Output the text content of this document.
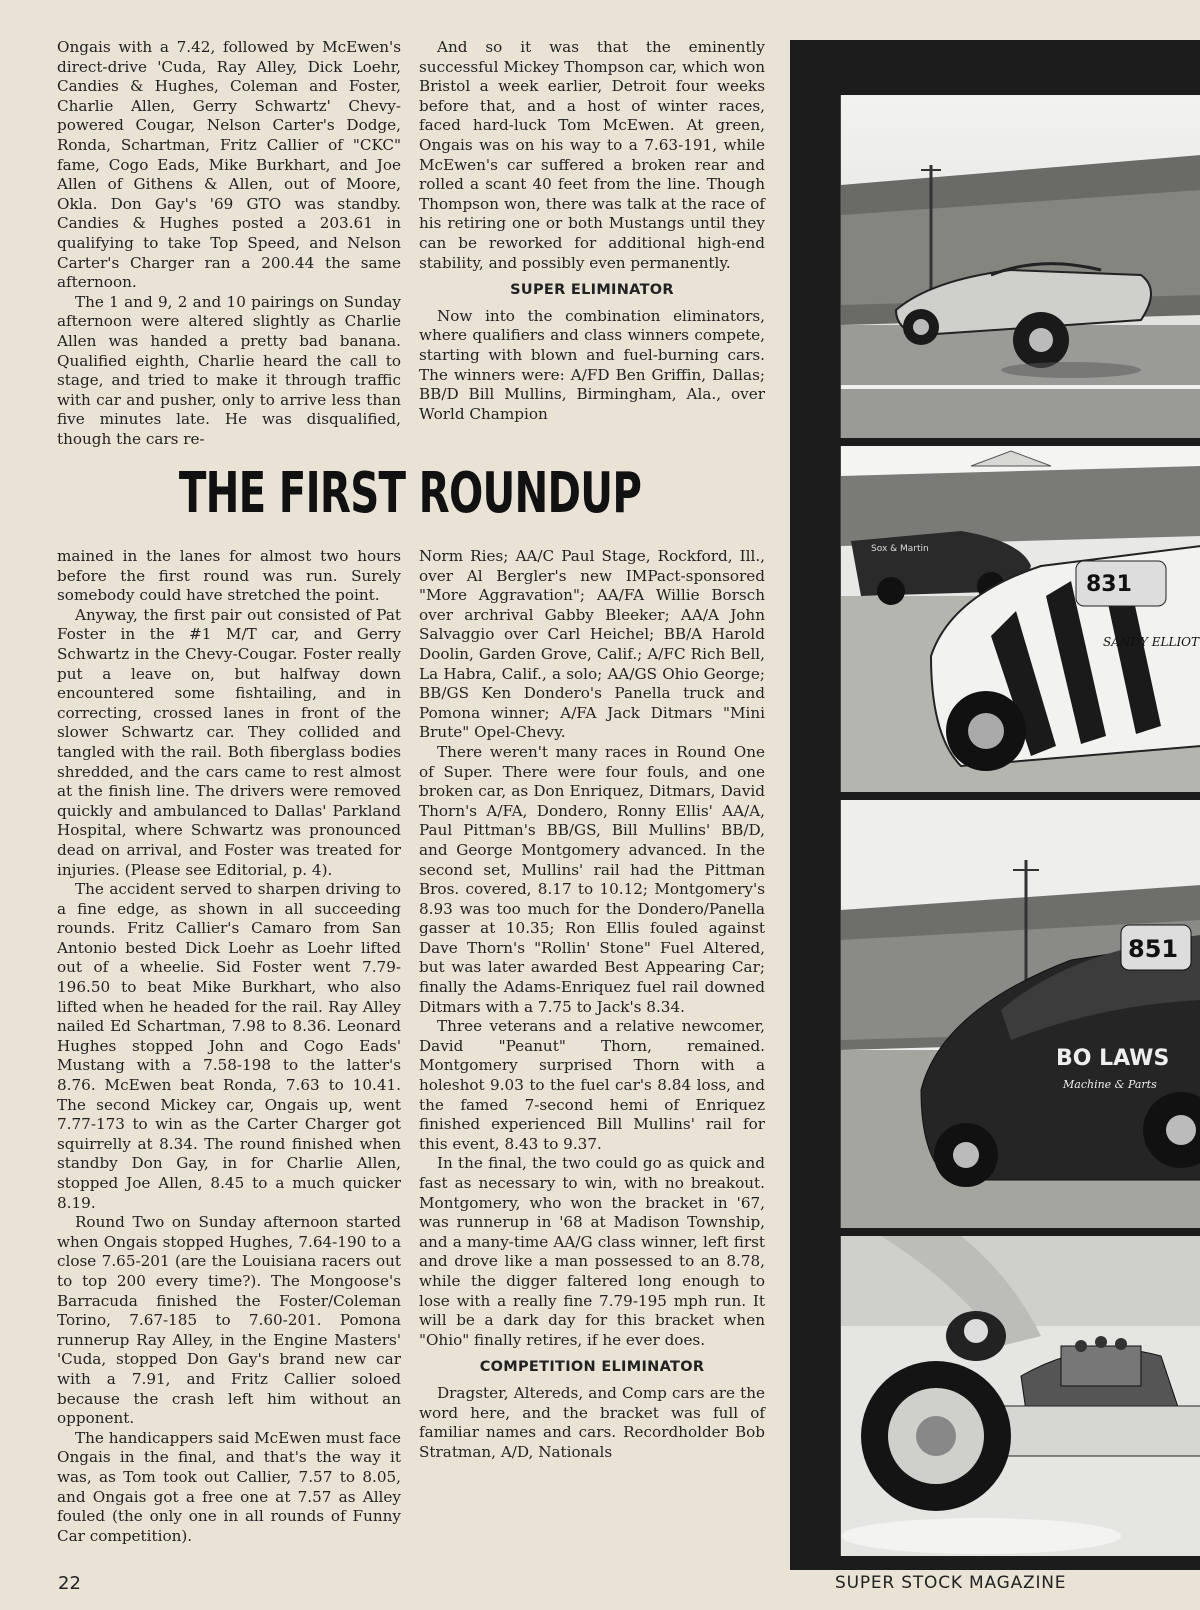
Ongais with a 7.42, followed by McEwen's direct-drive 'Cuda, Ray Alley, Dick Loehr, Candies & Hughes, Coleman and Foster, Charlie Allen, Gerry Schwartz' Chevy-powered Cougar, Nelson Carter's Dodge, Ronda, Schartman, Fritz Callier of "CKC" fame, Cogo Eads, Mike Burkhart, and Joe Allen of Githens & Allen, out of Moore, Okla. Don Gay's '69 GTO was standby. Candies & Hughes posted a 203.61 in qualifying to take Top Speed, and Nelson Carter's Charger ran a 200.44 the same afternoon.

The 1 and 9, 2 and 10 pairings on Sunday afternoon were altered slightly as Charlie Allen was handed a pretty bad banana. Qualified eighth, Charlie heard the call to stage, and tried to make it through traffic with car and pusher, only to arrive less than five minutes late. He was disqualified, though the cars re-

And so it was that the eminently successful Mickey Thompson car, which won Bristol a week earlier, Detroit four weeks before that, and a host of winter races, faced hard-luck Tom McEwen. At green, Ongais was on his way to a 7.63-191, while McEwen's car suffered a broken rear and rolled a scant 40 feet from the line. Though Thompson won, there was talk at the race of his retiring one or both Mustangs until they can be reworked for additional high-end stability, and possibly even permanently.

SUPER ELIMINATOR

Now into the combination eliminators, where qualifiers and class winners compete, starting with blown and fuel-burning cars. The winners were: A/FD Ben Griffin, Dallas; BB/D Bill Mullins, Birmingham, Ala., over World Champion

THE FIRST ROUNDUP

mained in the lanes for almost two hours before the first round was run. Surely somebody could have stretched the point.

Anyway, the first pair out consisted of Pat Foster in the #1 M/T car, and Gerry Schwartz in the Chevy-Cougar. Foster really put a leave on, but halfway down encountered some fishtailing, and in correcting, crossed lanes in front of the slower Schwartz car. They collided and tangled with the rail. Both fiberglass bodies shredded, and the cars came to rest almost at the finish line. The drivers were removed quickly and ambulanced to Dallas' Parkland Hospital, where Schwartz was pronounced dead on arrival, and Foster was treated for injuries. (Please see Editorial, p. 4).

The accident served to sharpen driving to a fine edge, as shown in all succeeding rounds. Fritz Callier's Camaro from San Antonio bested Dick Loehr as Loehr lifted out of a wheelie. Sid Foster went 7.79-196.50 to beat Mike Burkhart, who also lifted when he headed for the rail. Ray Alley nailed Ed Schartman, 7.98 to 8.36. Leonard Hughes stopped John and Cogo Eads' Mustang with a 7.58-198 to the latter's 8.76. McEwen beat Ronda, 7.63 to 10.41. The second Mickey car, Ongais up, went 7.77-173 to win as the Carter Charger got squirrelly at 8.34. The round finished when standby Don Gay, in for Charlie Allen, stopped Joe Allen, 8.45 to a much quicker 8.19.

Round Two on Sunday afternoon started when Ongais stopped Hughes, 7.64-190 to a close 7.65-201 (are the Louisiana racers out to top 200 every time?). The Mongoose's Barracuda finished the Foster/Coleman Torino, 7.67-185 to 7.60-201. Pomona runnerup Ray Alley, in the Engine Masters' 'Cuda, stopped Don Gay's brand new car with a 7.91, and Fritz Callier soloed because the crash left him without an opponent.

The handicappers said McEwen must face Ongais in the final, and that's the way it was, as Tom took out Callier, 7.57 to 8.05, and Ongais got a free one at 7.57 as Alley fouled (the only one in all rounds of Funny Car competition).

Norm Ries; AA/C Paul Stage, Rockford, Ill., over Al Bergler's new IMPact-sponsored "More Aggravation"; AA/FA Willie Borsch over archrival Gabby Bleeker; AA/A John Salvaggio over Carl Heichel; BB/A Harold Doolin, Garden Grove, Calif.; A/FC Rich Bell, La Habra, Calif., a solo; AA/GS Ohio George; BB/GS Ken Dondero's Panella truck and Pomona winner; A/FA Jack Ditmars "Mini Brute" Opel-Chevy.

There weren't many races in Round One of Super. There were four fouls, and one broken car, as Don Enriquez, Ditmars, David Thorn's A/FA, Dondero, Ronny Ellis' AA/A, Paul Pittman's BB/GS, Bill Mullins' BB/D, and George Montgomery advanced. In the second set, Mullins' rail had the Pittman Bros. covered, 8.17 to 10.12; Montgomery's 8.93 was too much for the Dondero/Panella gasser at 10.35; Ron Ellis fouled against Dave Thorn's "Rollin' Stone" Fuel Altered, but was later awarded Best Appearing Car; finally the Adams-Enriquez fuel rail downed Ditmars with a 7.75 to Jack's 8.34.

Three veterans and a relative newcomer, David "Peanut" Thorn, remained. Montgomery surprised Thorn with a holeshot 9.03 to the fuel car's 8.84 loss, and the famed 7-second hemi of Enriquez finished experienced Bill Mullins' rail for this event, 8.43 to 9.37.

In the final, the two could go as quick and fast as necessary to win, with no breakout. Montgomery, who won the bracket in '67, was runnerup in '68 at Madison Township, and a many-time AA/G class winner, left first and drove like a man possessed to an 8.78, while the digger faltered long enough to lose with a really fine 7.79-195 mph run. It will be a dark day for this bracket when "Ohio" finally retires, if he ever does.

COMPETITION ELIMINATOR

Dragster, Altereds, and Comp cars are the word here, and the bracket was full of familiar names and cars. Recordholder Bob Stratman, A/D, Nationals

Sox & Martin
831
SANDY ELLIOT
851
BO LAWS
Machine & Parts
22	SUPER STOCK MAGAZINE
